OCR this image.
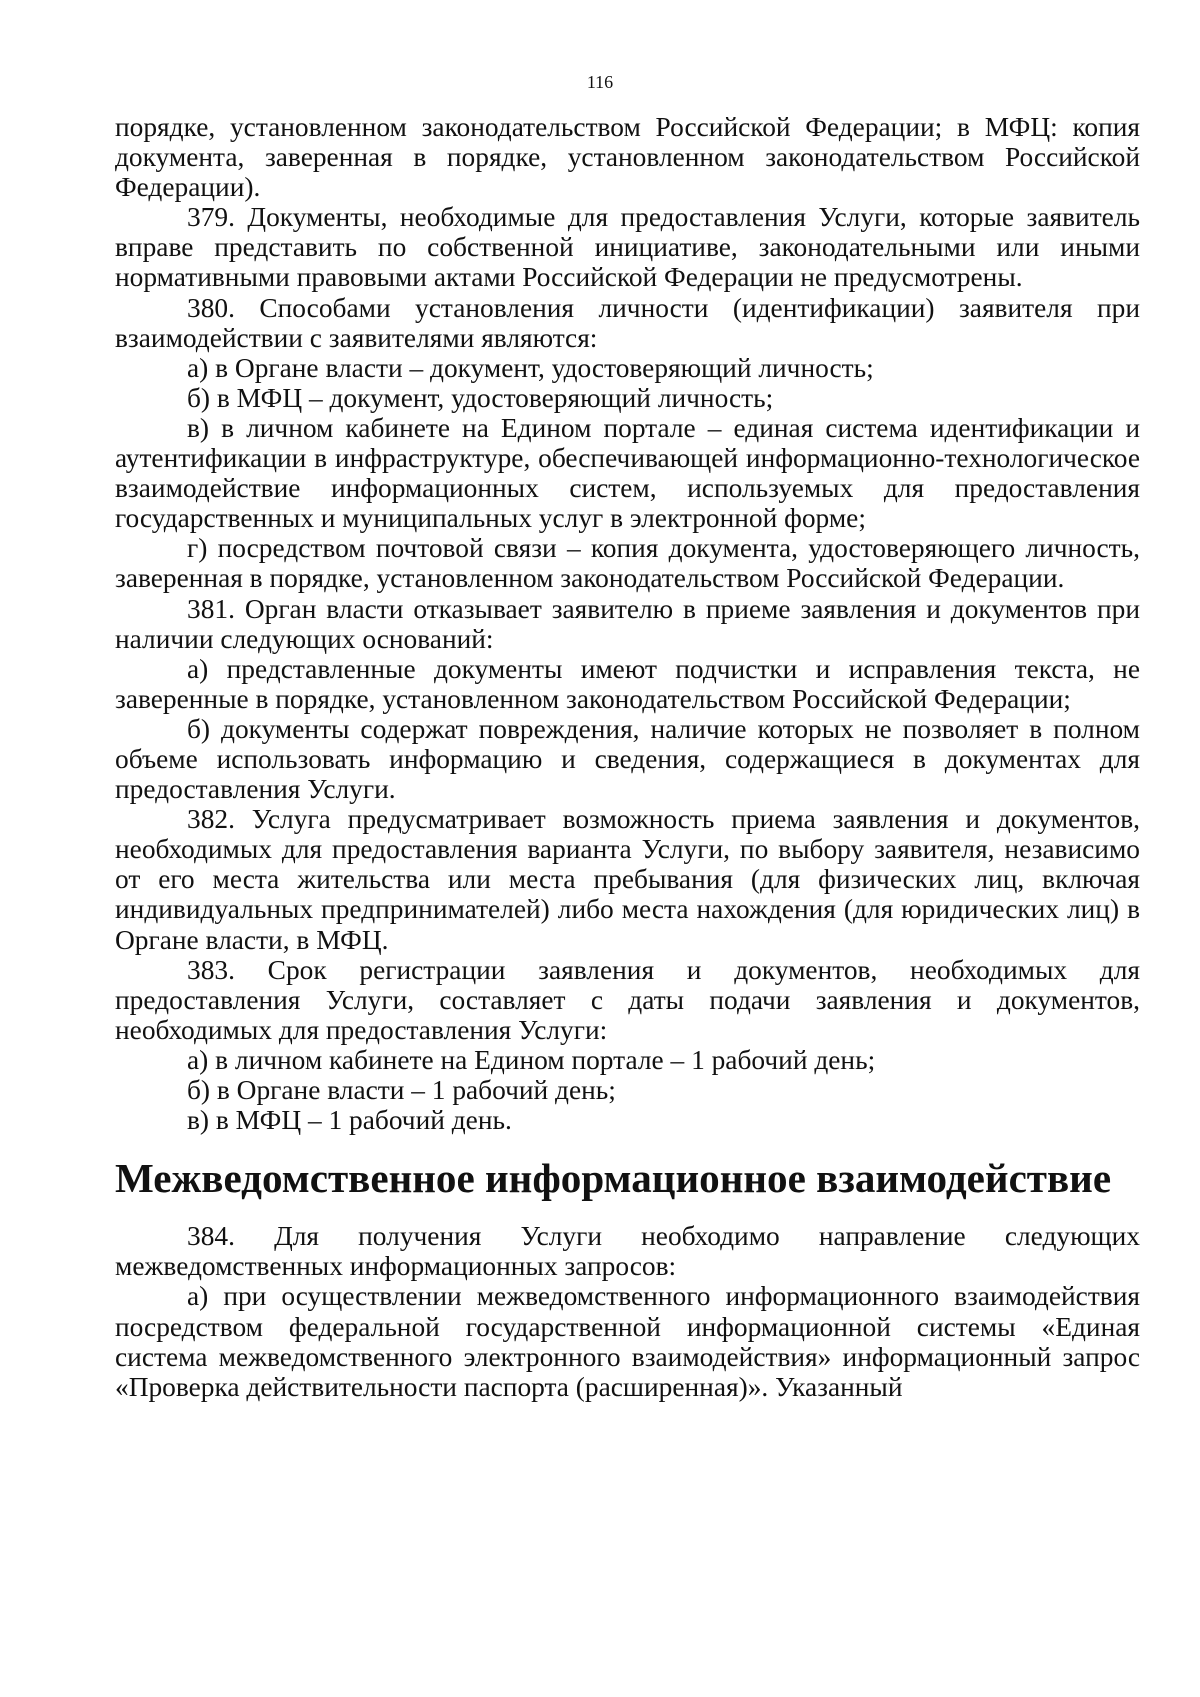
116

порядке, установленном законодательством Российской Федерации; в МФЦ: копия документа, заверенная в порядке, установленном законодательством Российской Федерации).

379. Документы, необходимые для предоставления Услуги, которые заявитель вправе представить по собственной инициативе, законодательными или иными нормативными правовыми актами Российской Федерации не предусмотрены.

380. Способами установления личности (идентификации) заявителя при взаимодействии с заявителями являются:

а) в Органе власти – документ, удостоверяющий личность;

б) в МФЦ – документ, удостоверяющий личность;

в) в личном кабинете на Едином портале – единая система идентификации и аутентификации в инфраструктуре, обеспечивающей информационно-технологическое взаимодействие информационных систем, используемых для предоставления государственных и муниципальных услуг в электронной форме;

г) посредством почтовой связи – копия документа, удостоверяющего личность, заверенная в порядке, установленном законодательством Российской Федерации.

381. Орган власти отказывает заявителю в приеме заявления и документов при наличии следующих оснований:

а) представленные документы имеют подчистки и исправления текста, не заверенные в порядке, установленном законодательством Российской Федерации;

б) документы содержат повреждения, наличие которых не позволяет в полном объеме использовать информацию и сведения, содержащиеся в документах для предоставления Услуги.

382. Услуга предусматривает возможность приема заявления и документов, необходимых для предоставления варианта Услуги, по выбору заявителя, независимо от его места жительства или места пребывания (для физических лиц, включая индивидуальных предпринимателей) либо места нахождения (для юридических лиц) в Органе власти, в МФЦ.

383. Срок регистрации заявления и документов, необходимых для предоставления Услуги, составляет с даты подачи заявления и документов, необходимых для предоставления Услуги:

а) в личном кабинете на Едином портале – 1 рабочий день;

б) в Органе власти – 1 рабочий день;

в) в МФЦ – 1 рабочий день.

Межведомственное информационное взаимодействие

384. Для получения Услуги необходимо направление следующих межведомственных информационных запросов:

а) при осуществлении межведомственного информационного взаимодействия посредством федеральной государственной информационной системы «Единая система межведомственного электронного взаимодействия» информационный запрос «Проверка действительности паспорта (расширенная)». Указанный
